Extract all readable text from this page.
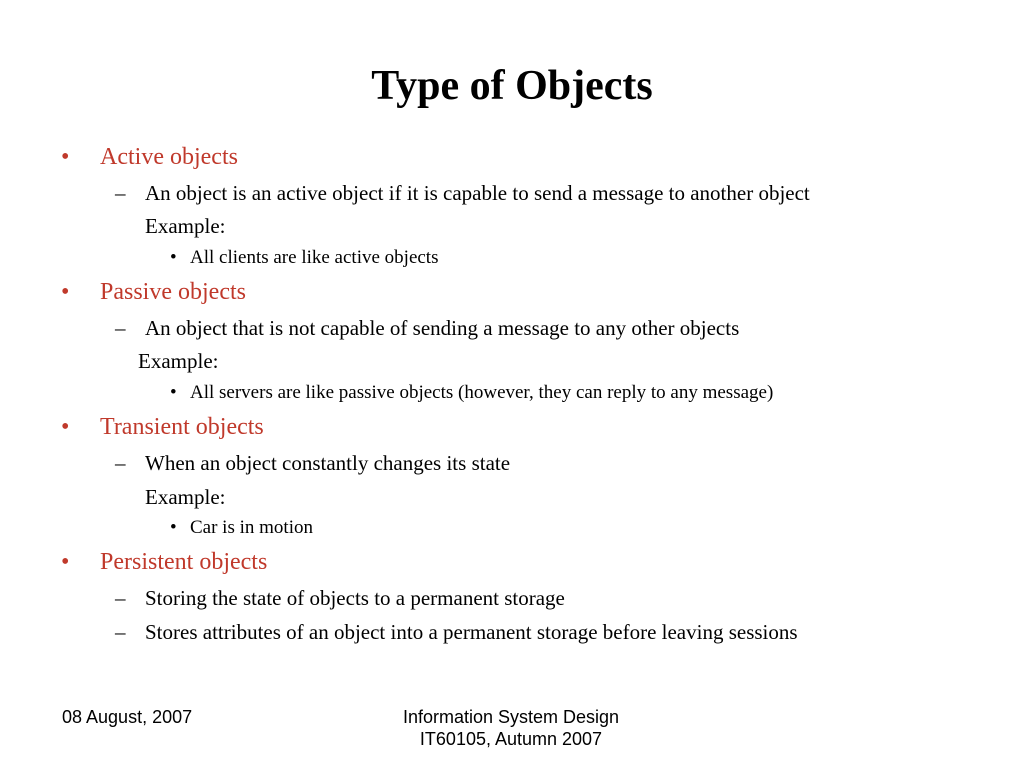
Type of Objects
• Active objects
– An object is an active object if it is capable to send a message to another object
Example:
• All clients are like active objects
• Passive objects
– An object that is not capable of sending a message to any other objects
Example:
• All servers are like passive objects (however, they can reply to any message)
• Transient objects
– When an object constantly changes its state
Example:
• Car is in motion
• Persistent objects
– Storing the state of objects to a permanent storage
– Stores attributes of an object into a permanent storage before leaving sessions
08 August, 2007	Information System Design
IT60105, Autumn 2007
